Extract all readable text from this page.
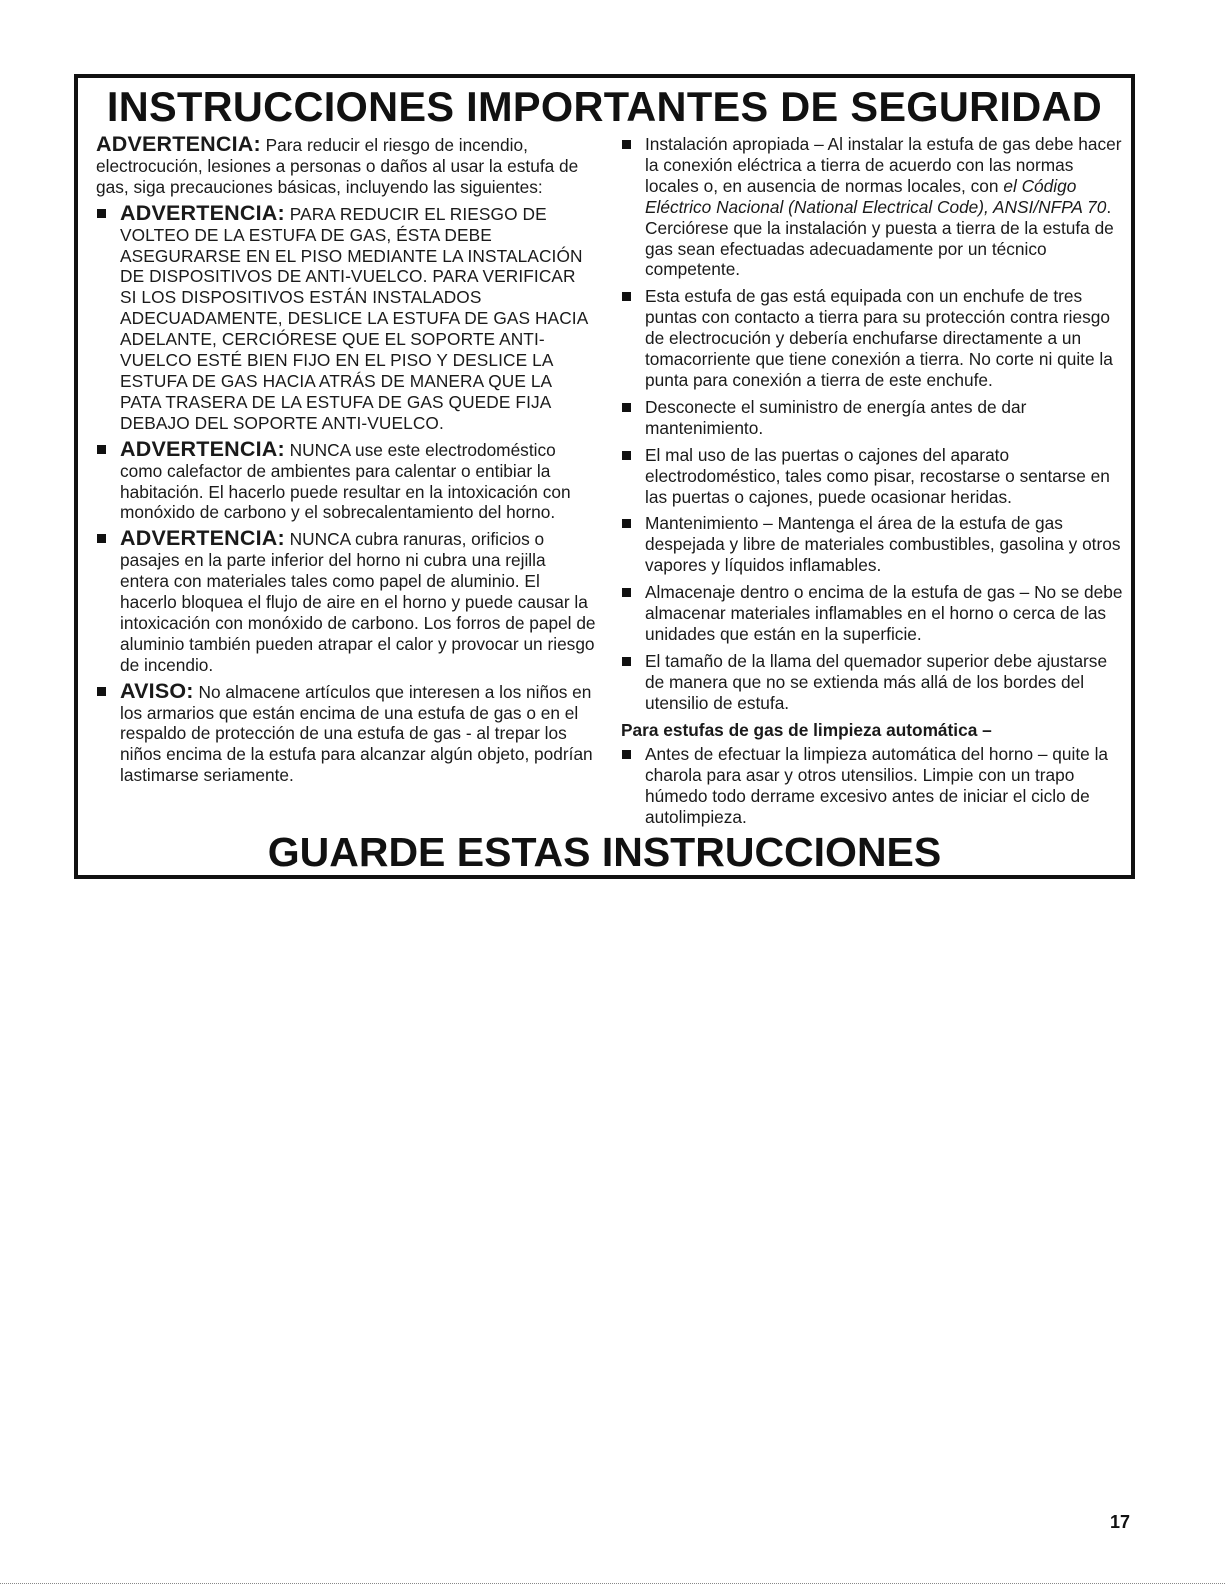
INSTRUCCIONES IMPORTANTES DE SEGURIDAD

ADVERTENCIA: Para reducir el riesgo de incendio, electrocución, lesiones a personas o daños al usar la estufa de gas, siga precauciones básicas, incluyendo las siguientes:

ADVERTENCIA: PARA REDUCIR EL RIESGO DE VOLTEO DE LA ESTUFA DE GAS, ÉSTA DEBE ASEGURARSE EN EL PISO MEDIANTE LA INSTALACIÓN DE DISPOSITIVOS DE ANTI-VUELCO. PARA VERIFICAR SI LOS DISPOSITIVOS ESTÁN INSTALADOS ADECUADAMENTE, DESLICE LA ESTUFA DE GAS HACIA ADELANTE, CERCIÓRESE QUE EL SOPORTE ANTI-VUELCO ESTÉ BIEN FIJO EN EL PISO Y DESLICE LA ESTUFA DE GAS HACIA ATRÁS DE MANERA QUE LA PATA TRASERA DE LA ESTUFA DE GAS QUEDE FIJA DEBAJO DEL SOPORTE ANTI-VUELCO.
ADVERTENCIA: NUNCA use este electrodoméstico como calefactor de ambientes para calentar o entibiar la habitación. El hacerlo puede resultar en la intoxicación con monóxido de carbono y el sobrecalentamiento del horno.
ADVERTENCIA: NUNCA cubra ranuras, orificios o pasajes en la parte inferior del horno ni cubra una rejilla entera con materiales tales como papel de aluminio. El hacerlo bloquea el flujo de aire en el horno y puede causar la intoxicación con monóxido de carbono. Los forros de papel de aluminio también pueden atrapar el calor y provocar un riesgo de incendio.
AVISO: No almacene artículos que interesen a los niños en los armarios que están encima de una estufa de gas o en el respaldo de protección de una estufa de gas - al trepar los niños encima de la estufa para alcanzar algún objeto, podrían lastimarse seriamente.
Instalación apropiada – Al instalar la estufa de gas debe hacer la conexión eléctrica a tierra de acuerdo con las normas locales o, en ausencia de normas locales, con el Código Eléctrico Nacional (National Electrical Code), ANSI/NFPA 70. Cerciórese que la instalación y puesta a tierra de la estufa de gas sean efectuadas adecuadamente por un técnico competente.
Esta estufa de gas está equipada con un enchufe de tres puntas con contacto a tierra para su protección contra riesgo de electrocución y debería enchufarse directamente a un tomacorriente que tiene conexión a tierra. No corte ni quite la punta para conexión a tierra de este enchufe.
Desconecte el suministro de energía antes de dar mantenimiento.
El mal uso de las puertas o cajones del aparato electrodoméstico, tales como pisar, recostarse o sentarse en las puertas o cajones, puede ocasionar heridas.
Mantenimiento – Mantenga el área de la estufa de gas despejada y libre de materiales combustibles, gasolina y otros vapores y líquidos inflamables.
Almacenaje dentro o encima de la estufa de gas – No se debe almacenar materiales inflamables en el horno o cerca de las unidades que están en la superficie.
El tamaño de la llama del quemador superior debe ajustarse de manera que no se extienda más allá de los bordes del utensilio de estufa.

Para estufas de gas de limpieza automática –

Antes de efectuar la limpieza automática del horno – quite la charola para asar y otros utensilios. Limpie con un trapo húmedo todo derrame excesivo antes de iniciar el ciclo de autolimpieza.
GUARDE ESTAS INSTRUCCIONES
17
